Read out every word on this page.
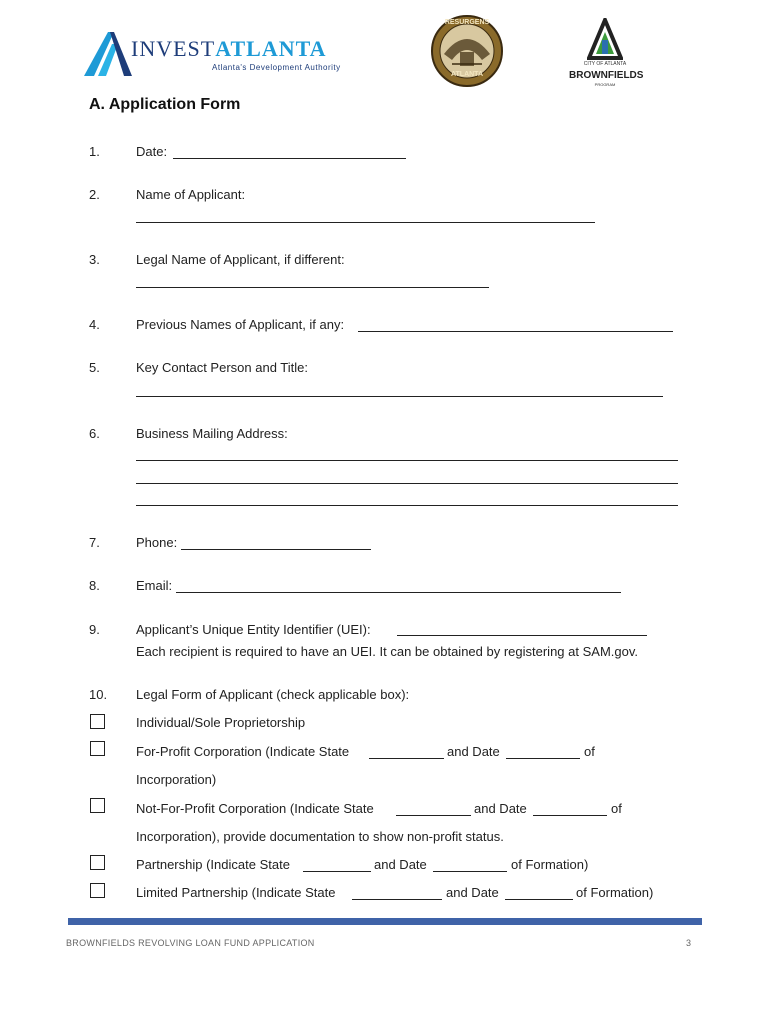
INVESTATLANTA
Atlanta's Development Authority
RESURGENS
ATLANTA
CITY OF ATLANTA
BROWNFIELDS
PROGRAM
A. Application Form
1.	Date:
2.	Name of Applicant:
3.	Legal Name of Applicant, if different:
4.	Previous Names of Applicant, if any:
5.	Key Contact Person and Title:
6.	Business Mailing Address:
7.	Phone:
8.	Email:
9.	Applicant’s Unique Entity Identifier (UEI):
Each recipient is required to have an UEI. It can be obtained by registering at SAM.gov.
10. Legal Form of Applicant (check applicable box):
Individual/Sole Proprietorship
For-Profit Corporation (Indicate State	and Date	of
Incorporation)
Not-For-Profit Corporation (Indicate State	and Date	of
Incorporation), provide documentation to show non-profit status.
Partnership (Indicate State	and Date	of Formation)
Limited Partnership (Indicate State	and Date	of Formation)
BROWNFIELDS REVOLVING LOAN FUND APPLICATION	3
